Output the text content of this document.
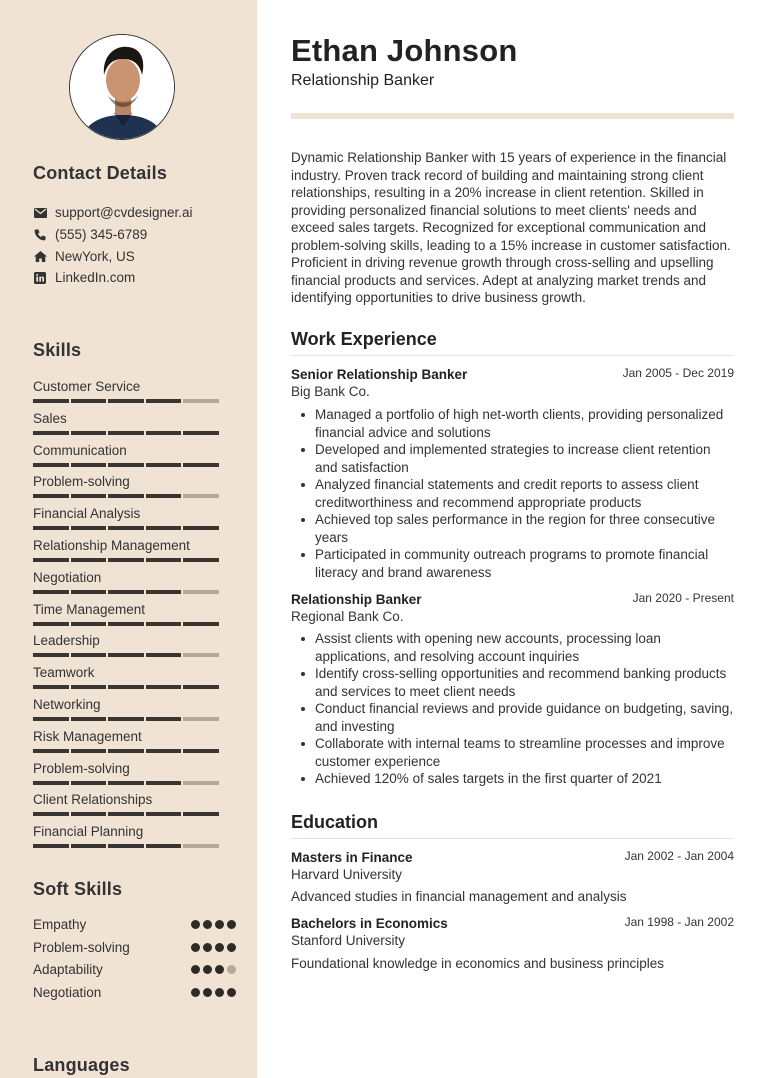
Contact Details
support@cvdesigner.ai
(555) 345-6789
NewYork, US
LinkedIn.com
Skills
Customer Service
Sales
Communication
Problem-solving
Financial Analysis
Relationship Management
Negotiation
Time Management
Leadership
Teamwork
Networking
Risk Management
Problem-solving
Client Relationships
Financial Planning
Soft Skills
Empathy
Problem-solving
Adaptability
Negotiation
Languages
Ethan Johnson
Relationship Banker

Dynamic Relationship Banker with 15 years of experience in the financial industry. Proven track record of building and maintaining strong client relationships, resulting in a 20% increase in client retention. Skilled in providing personalized financial solutions to meet clients' needs and exceed sales targets. Recognized for exceptional communication and problem-solving skills, leading to a 15% increase in customer satisfaction. Proficient in driving revenue growth through cross-selling and upselling financial products and services. Adept at analyzing market trends and identifying opportunities to drive business growth.

Work Experience
Senior Relationship Banker	Jan 2005 - Dec 2019
Big Bank Co.
Managed a portfolio of high net-worth clients, providing personalized financial advice and solutions
Developed and implemented strategies to increase client retention and satisfaction
Analyzed financial statements and credit reports to assess client creditworthiness and recommend appropriate products
Achieved top sales performance in the region for three consecutive years
Participated in community outreach programs to promote financial literacy and brand awareness
Relationship Banker	Jan 2020 - Present
Regional Bank Co.
Assist clients with opening new accounts, processing loan applications, and resolving account inquiries
Identify cross-selling opportunities and recommend banking products and services to meet client needs
Conduct financial reviews and provide guidance on budgeting, saving, and investing
Collaborate with internal teams to streamline processes and improve customer experience
Achieved 120% of sales targets in the first quarter of 2021
Education
Masters in Finance	Jan 2002 - Jan 2004
Harvard University
Advanced studies in financial management and analysis
Bachelors in Economics	Jan 1998 - Jan 2002
Stanford University
Foundational knowledge in economics and business principles
